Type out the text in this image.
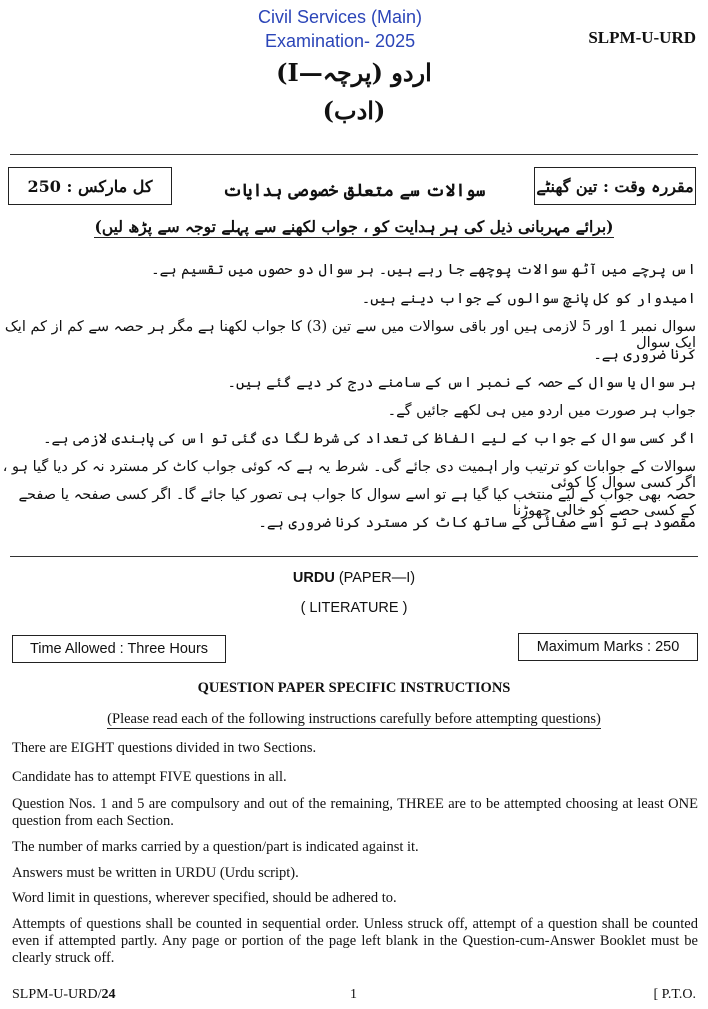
Civil Services (Main)
Examination- 2025	SLPM-U-URD
اردو (پرچہ—I)
(ادب)
کل مارکس : 250	مقررہ وقت : تین گھنٹے
سوالات سے متعلق خصوصی ہدایات
(برائے مہربانی ذیل کی ہر ہدایت کو ، جواب لکھنے سے پہلے توجہ سے پڑھ لیں)
اس پرچے میں آٹھ سوالات پوچھے جا رہے ہیں۔ ہر سوال دو حصوں میں تقسیم ہے۔
امیدوار کو کل پانچ سوالوں کے جواب دینے ہیں۔
سوال نمبر 1 اور 5 لازمی ہیں اور باقی سوالات میں سے تین (3) کا جواب لکھنا ہے مگر ہر حصہ سے کم از کم ایک ایک سوال
کرنا ضروری ہے۔
ہر سوال یا سوال کے حصہ کے نمبر اس کے سامنے درج کر دیے گئے ہیں۔
جواب ہر صورت میں اردو میں ہی لکھے جائیں گے۔
اگر کسی سوال کے جواب کے لیے الفاظ کی تعداد کی شرط لگا دی گئی تو اس کی پابندی لازمی ہے۔
سوالات کے جوابات کو ترتیب وار اہمیت دی جائے گی۔ شرط یہ ہے کہ کوئی جواب کاٹ کر مسترد نہ کر دیا گیا ہو ، اگر کسی سوال کا کوئی
حصہ بھی جواب کے لیے منتخب کیا گیا ہے تو اسے سوال کا جواب ہی تصور کیا جائے گا۔ اگر کسی صفحہ یا صفحے کے کسی حصے کو خالی چھوڑنا
مقصود ہے تو اسے صفائی کے ساتھ کاٹ کر مسترد کرنا ضروری ہے۔
URDU (PAPER—I)
( LITERATURE )
Time Allowed : Three Hours	Maximum Marks : 250
QUESTION PAPER SPECIFIC INSTRUCTIONS
(Please read each of the following instructions carefully before attempting questions)
There are EIGHT questions divided in two Sections.
Candidate has to attempt FIVE questions in all.
Question Nos. 1 and 5 are compulsory and out of the remaining, THREE are to be attempted choosing at least ONE question from each Section.
The number of marks carried by a question/part is indicated against it.
Answers must be written in URDU (Urdu script).
Word limit in questions, wherever specified, should be adhered to.
Attempts of questions shall be counted in sequential order. Unless struck off, attempt of a question shall be counted even if attempted partly. Any page or portion of the page left blank in the Question-cum-Answer Booklet must be clearly struck off.
SLPM-U-URD/24	1	[ P.T.O.
